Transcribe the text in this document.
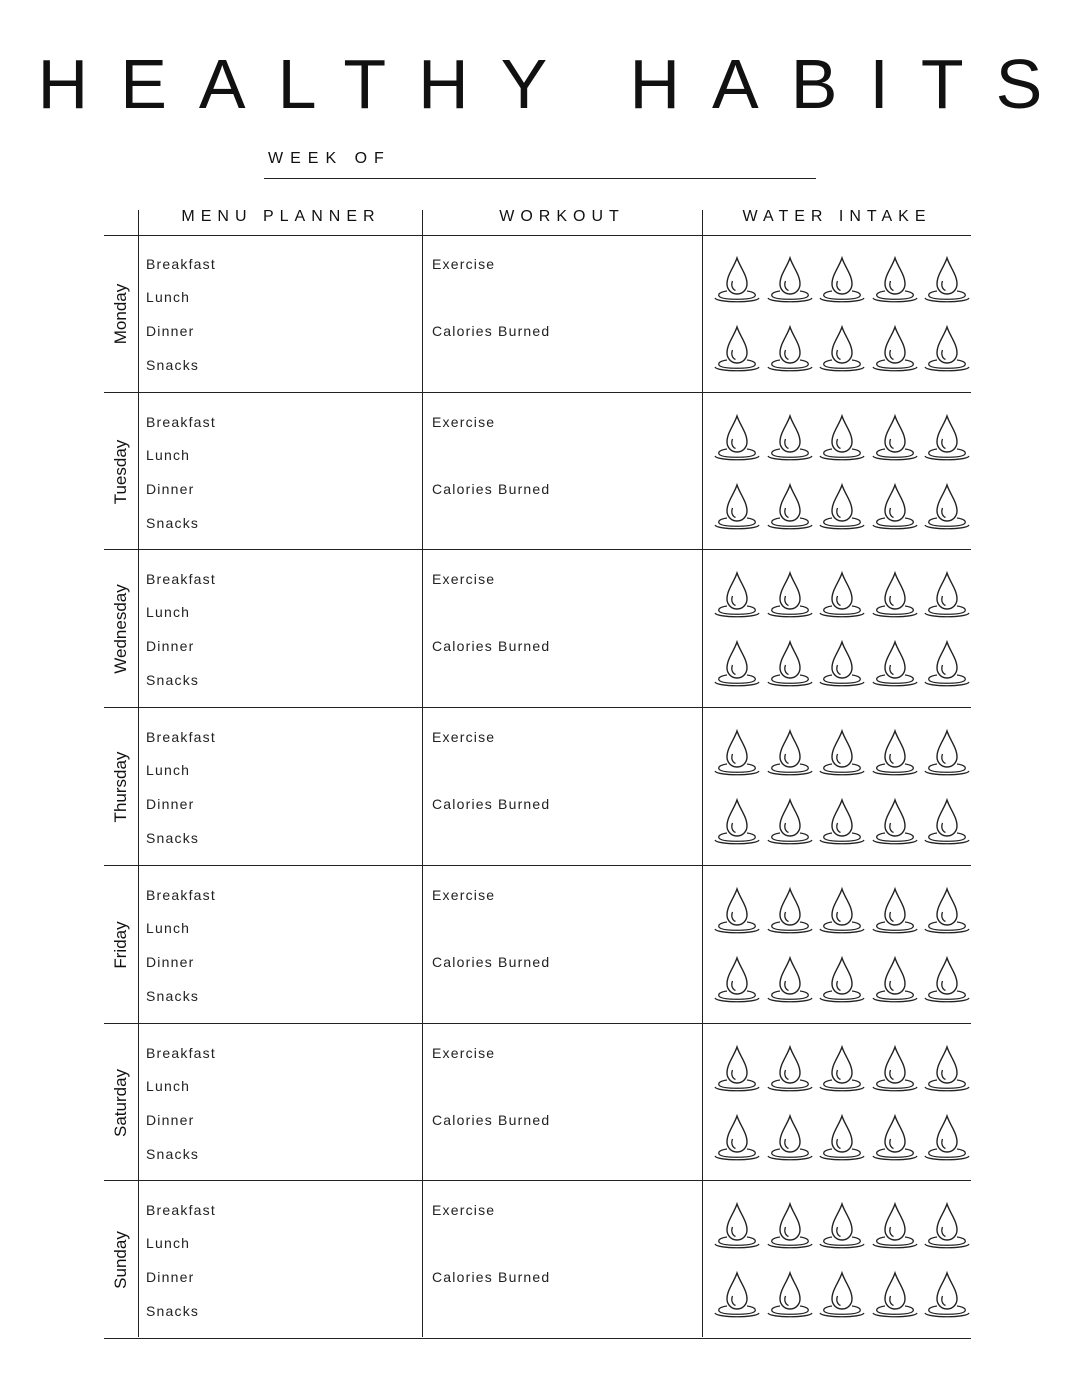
HEALTHY HABITS
WEEK OF
MENU PLANNER	WORKOUT	WATER INTAKE
Monday
Breakfast
Lunch
Dinner
Snacks
Exercise
Calories Burned
Tuesday
Breakfast
Lunch
Dinner
Snacks
Exercise
Calories Burned
Wednesday
Breakfast
Lunch
Dinner
Snacks
Exercise
Calories Burned
Thursday
Breakfast
Lunch
Dinner
Snacks
Exercise
Calories Burned
Friday
Breakfast
Lunch
Dinner
Snacks
Exercise
Calories Burned
Saturday
Breakfast
Lunch
Dinner
Snacks
Exercise
Calories Burned
Sunday
Breakfast
Lunch
Dinner
Snacks
Exercise
Calories Burned
